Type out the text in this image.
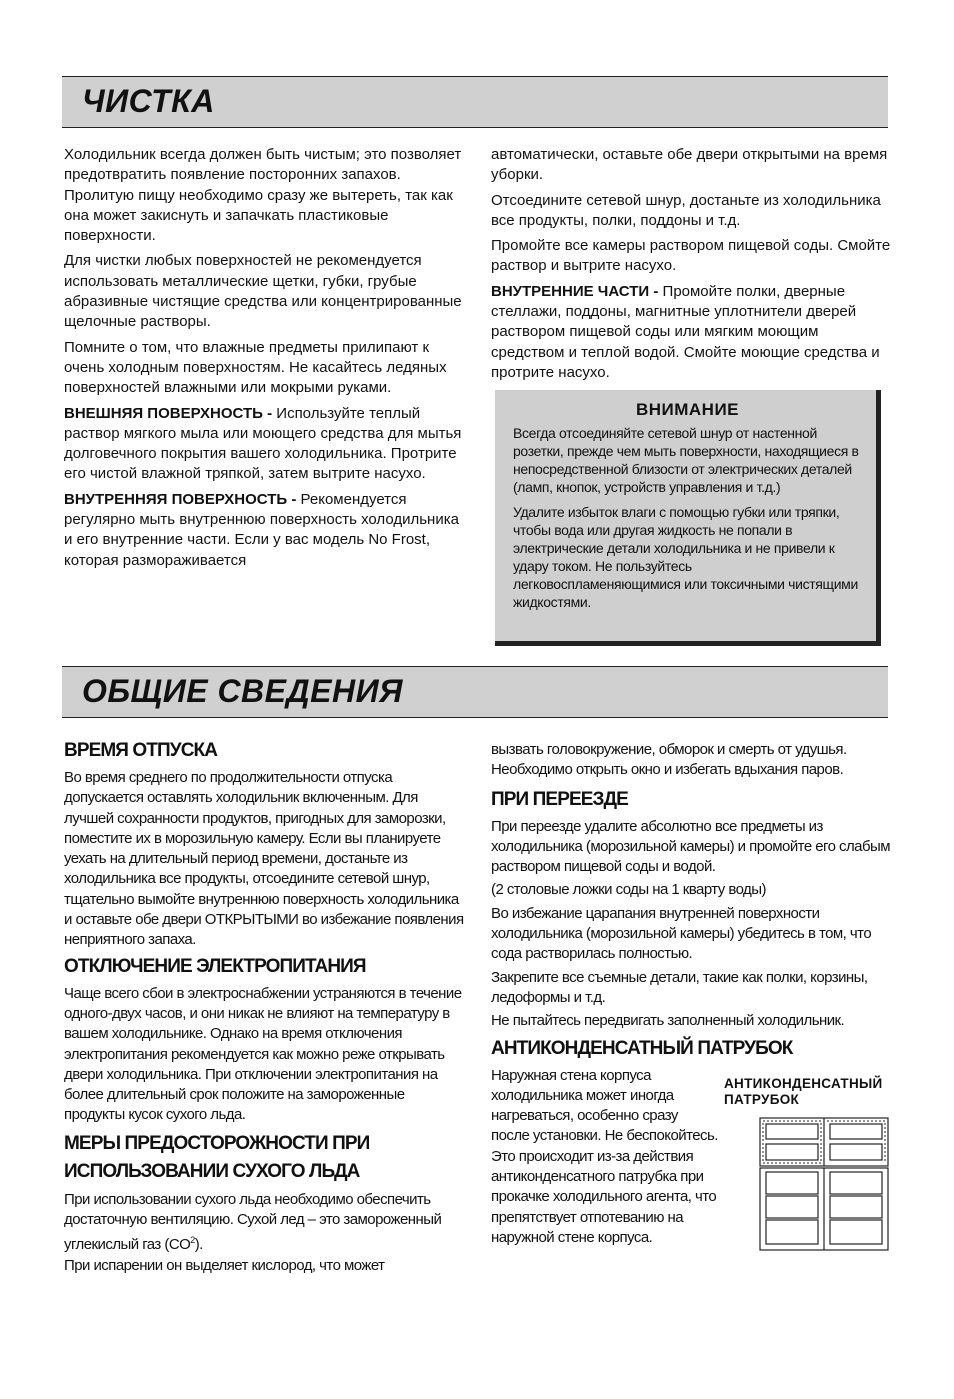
ЧИСТКА

Холодильник всегда должен быть чистым; это позволяет предотвратить появление посторонних запахов. Пролитую пищу необходимо сразу же вытереть, так как она может закиснуть и запачкать пластиковые поверхности.

Для чистки любых поверхностей не рекомендуется использовать металлические щетки, губки, грубые абразивные чистящие средства или концентрированные щелочные растворы.

Помните о том, что влажные предметы прилипают к очень холодным поверхностям. Не касайтесь ледяных поверхностей влажными или мокрыми руками.

ВНЕШНЯЯ ПОВЕРХНОСТЬ - Используйте теплый раствор мягкого мыла или моющего средства для мытья долговечного покрытия вашего холодильника. Протрите его чистой влажной тряпкой, затем вытрите насухо.

ВНУТРЕННЯЯ ПОВЕРХНОСТЬ - Рекомендуется регулярно мыть внутреннюю поверхность холодильника и его внутренние части. Если у вас модель No Frost, которая размораживается

автоматически, оставьте обе двери открытыми на время уборки.

Отсоедините сетевой шнур, достаньте из холодильника все продукты, полки, поддоны и т.д.

Промойте все камеры раствором пищевой соды. Смойте раствор и вытрите насухо.

ВНУТРЕННИЕ ЧАСТИ - Промойте полки, дверные стеллажи, поддоны, магнитные уплотнители дверей раствором пищевой соды или мягким моющим средством и теплой водой. Смойте моющие средства и протрите насухо.

ВНИМАНИЕ

Всегда отсоединяйте сетевой шнур от настенной розетки, прежде чем мыть поверхности, находящиеся в непосредственной близости от электрических деталей (ламп, кнопок, устройств управления и т.д.)

Удалите избыток влаги с помощью губки или тряпки, чтобы вода или другая жидкость не попали в электрические детали холодильника и не привели к удару током. Не пользуйтесь легковоспламеняющимися или токсичными чистящими жидкостями.

ОБЩИЕ СВЕДЕНИЯ
ВРЕМЯ ОТПУСКА

Во время среднего по продолжительности отпуска допускается оставлять холодильник включенным. Для лучшей сохранности продуктов, пригодных для заморозки, поместите их в морозильную камеру. Если вы планируете уехать на длительный период времени, достаньте из холодильника все продукты, отсоедините сетевой шнур, тщательно вымойте внутреннюю поверхность холодильника и оставьте обе двери ОТКРЫТЫМИ во избежание появления неприятного запаха.

ОТКЛЮЧЕНИЕ ЭЛЕКТРОПИТАНИЯ

Чаще всего сбои в электроснабжении устраняются в течение одного-двух часов, и они никак не влияют на температуру в вашем холодильнике. Однако на время отключения электропитания рекомендуется как можно реже открывать двери холодильника. При отключении электропитания на более длительный срок положите на замороженные продукты кусок сухого льда.

МЕРЫ ПРЕДОСТОРОЖНОСТИ ПРИ
ИСПОЛЬЗОВАНИИ СУХОГО ЛЬДА

При использовании сухого льда необходимо обеспечить достаточную вентиляцию. Сухой лед – это замороженный углекислый газ $(CO^2)$.
При испарении он выделяет кислород, что может

вызвать головокружение, обморок и смерть от удушья. Необходимо открыть окно и избегать вдыхания паров.

ПРИ ПЕРЕЕЗДЕ

При переезде удалите абсолютно все предметы из холодильника (морозильной камеры) и промойте его слабым раствором пищевой соды и водой.

(2 столовые ложки соды на 1 кварту воды)

Во избежание царапания внутренней поверхности холодильника (морозильной камеры) убедитесь в том, что сода растворилась полностью.

Закрепите все съемные детали, такие как полки, корзины, ледоформы и т.д.

Не пытайтесь передвигать заполненный холодильник.

АНТИКОНДЕНСАТНЫЙ ПАТРУБОК

Наружная стена корпуса холодильника может иногда нагреваться, особенно сразу после установки. Не беспокойтесь. Это происходит из-за действия антиконденсатного патрубка при прокачке холодильного агента, что препятствует отпотеванию на наружной стене корпуса.

АНТИКОНДЕНСАТНЫЙ
ПАТРУБОК
